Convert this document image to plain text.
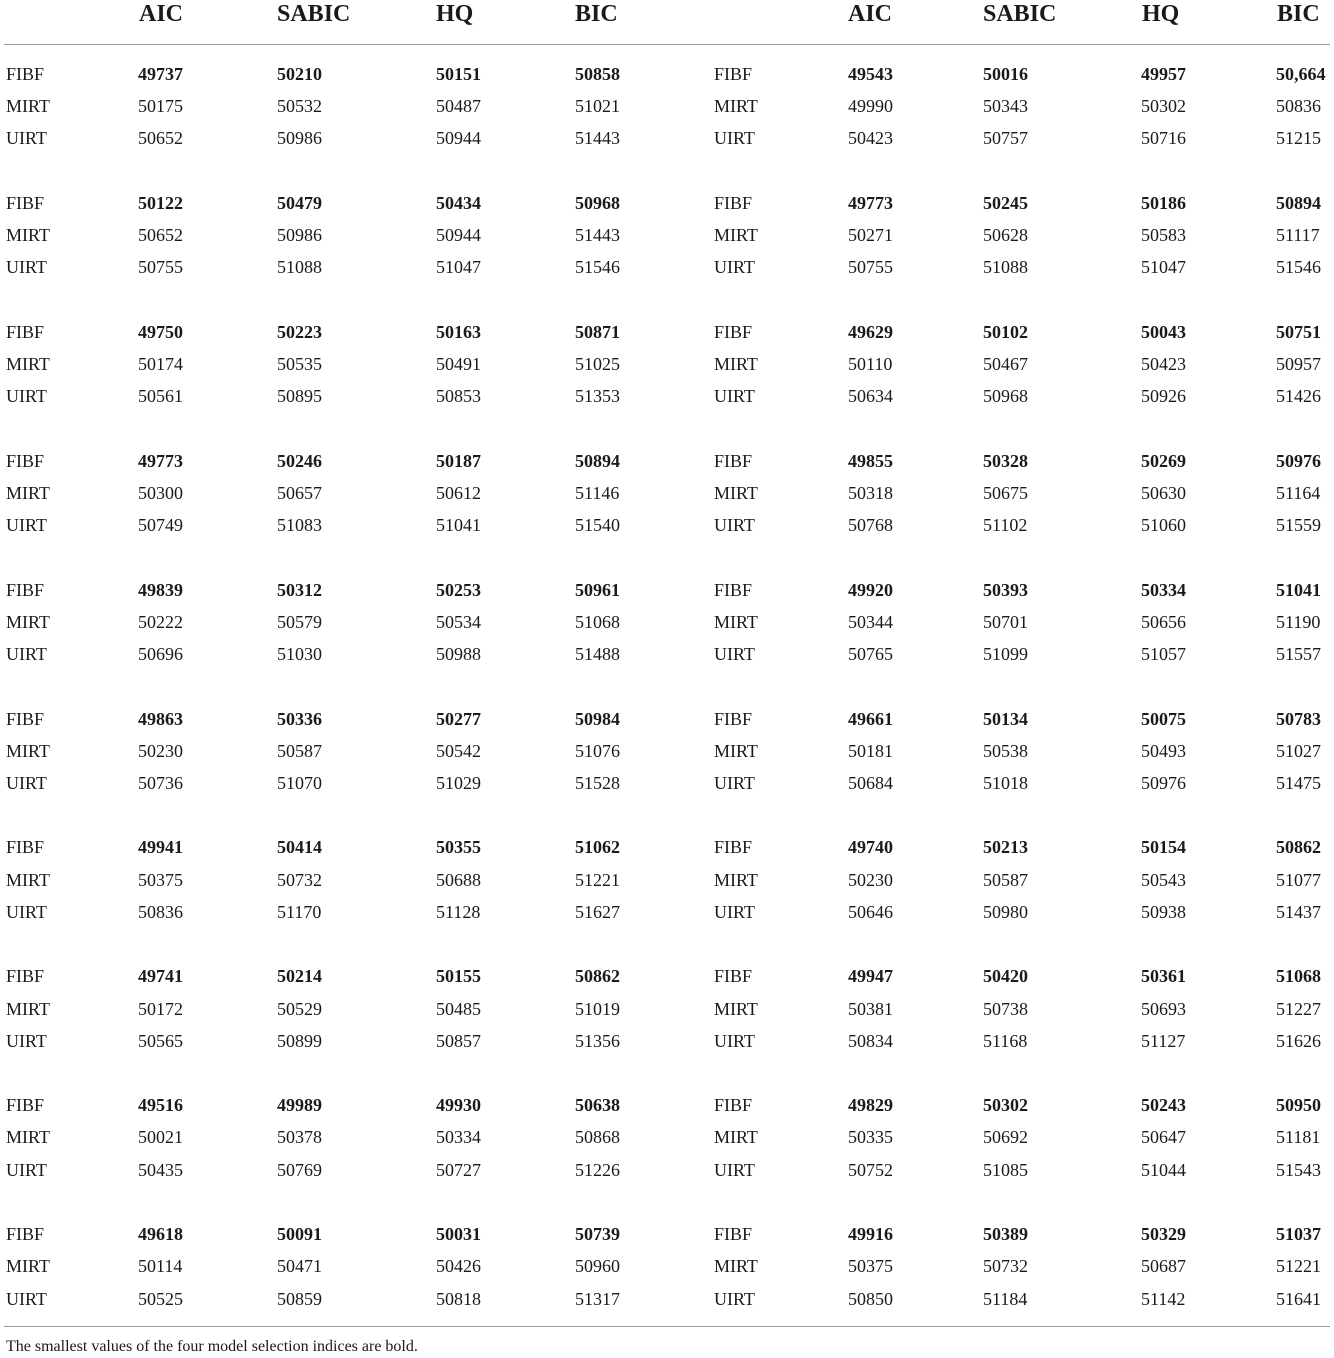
AIC	SABIC	HQ	BIC	AIC	SABIC	HQ	BIC
FIBF	49737	50210	50151	50858
MIRT	50175	50532	50487	51021
UIRT	50652	50986	50944	51443
FIBF	49543	50016	49957	50,664
MIRT	49990	50343	50302	50836
UIRT	50423	50757	50716	51215
FIBF	50122	50479	50434	50968
MIRT	50652	50986	50944	51443
UIRT	50755	51088	51047	51546
FIBF	49773	50245	50186	50894
MIRT	50271	50628	50583	51117
UIRT	50755	51088	51047	51546
FIBF	49750	50223	50163	50871
MIRT	50174	50535	50491	51025
UIRT	50561	50895	50853	51353
FIBF	49629	50102	50043	50751
MIRT	50110	50467	50423	50957
UIRT	50634	50968	50926	51426
FIBF	49773	50246	50187	50894
MIRT	50300	50657	50612	51146
UIRT	50749	51083	51041	51540
FIBF	49855	50328	50269	50976
MIRT	50318	50675	50630	51164
UIRT	50768	51102	51060	51559
FIBF	49839	50312	50253	50961
MIRT	50222	50579	50534	51068
UIRT	50696	51030	50988	51488
FIBF	49920	50393	50334	51041
MIRT	50344	50701	50656	51190
UIRT	50765	51099	51057	51557
FIBF	49863	50336	50277	50984
MIRT	50230	50587	50542	51076
UIRT	50736	51070	51029	51528
FIBF	49661	50134	50075	50783
MIRT	50181	50538	50493	51027
UIRT	50684	51018	50976	51475
FIBF	49941	50414	50355	51062
MIRT	50375	50732	50688	51221
UIRT	50836	51170	51128	51627
FIBF	49740	50213	50154	50862
MIRT	50230	50587	50543	51077
UIRT	50646	50980	50938	51437
FIBF	49741	50214	50155	50862
MIRT	50172	50529	50485	51019
UIRT	50565	50899	50857	51356
FIBF	49947	50420	50361	51068
MIRT	50381	50738	50693	51227
UIRT	50834	51168	51127	51626
FIBF	49516	49989	49930	50638
MIRT	50021	50378	50334	50868
UIRT	50435	50769	50727	51226
FIBF	49829	50302	50243	50950
MIRT	50335	50692	50647	51181
UIRT	50752	51085	51044	51543
FIBF	49618	50091	50031	50739
MIRT	50114	50471	50426	50960
UIRT	50525	50859	50818	51317
FIBF	49916	50389	50329	51037
MIRT	50375	50732	50687	51221
UIRT	50850	51184	51142	51641
The smallest values of the four model selection indices are bold.
